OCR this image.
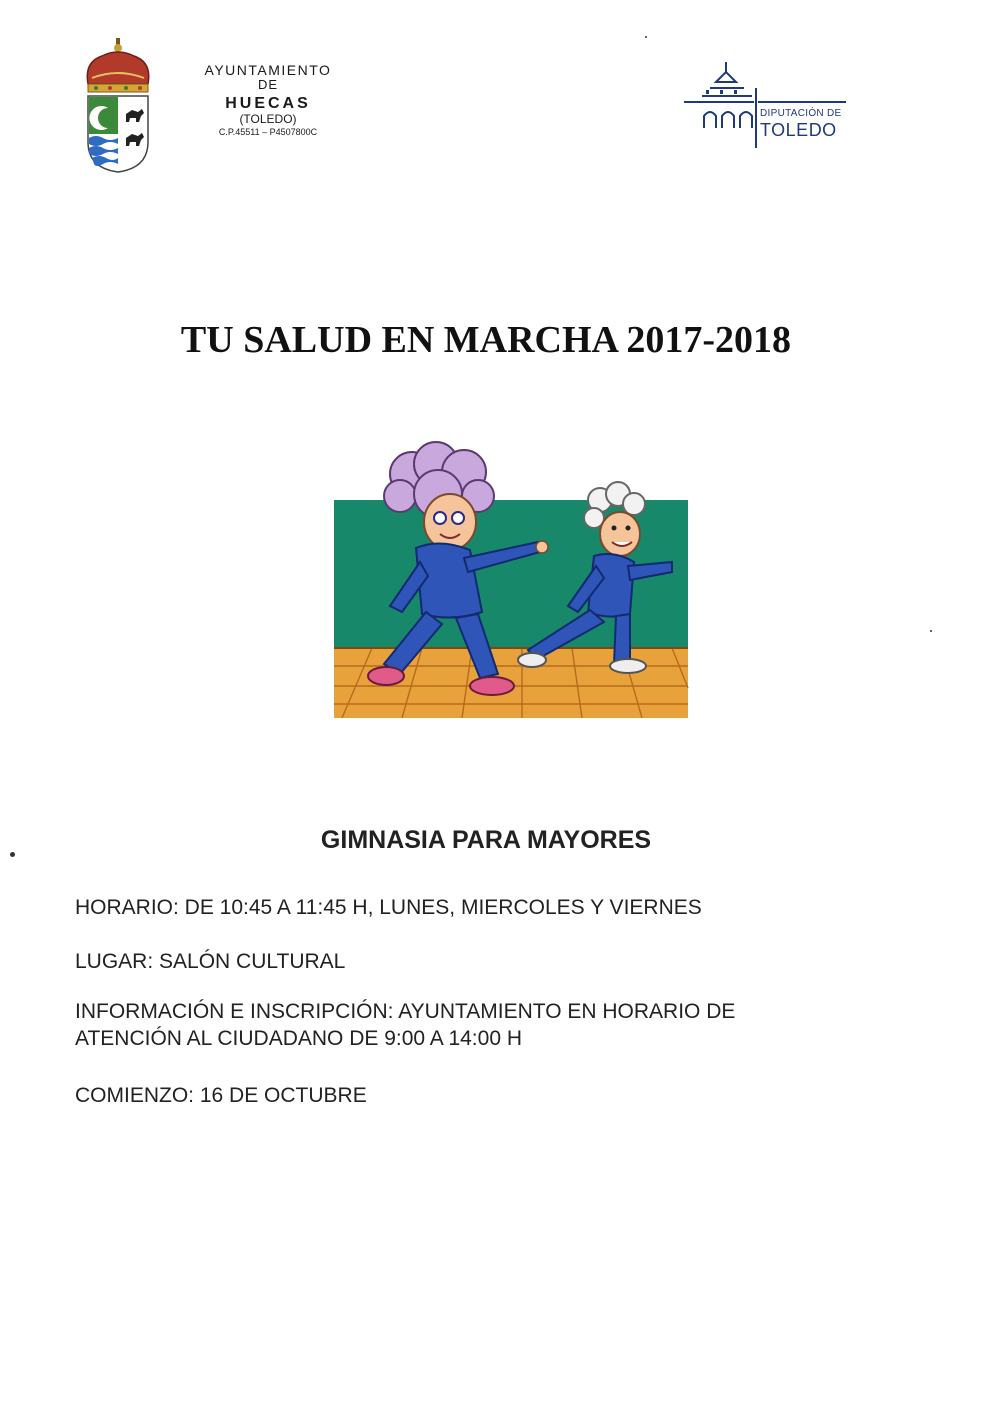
AYUNTAMIENTO
DE
HUECAS
(TOLEDO)
C.P.45511 – P4507800C
DIPUTACIÓN DE
TOLEDO
TU SALUD EN MARCHA 2017-2018
GIMNASIA PARA MAYORES
HORARIO: DE 10:45 A 11:45 H, LUNES, MIERCOLES Y VIERNES
LUGAR: SALÓN CULTURAL
INFORMACIÓN E INSCRIPCIÓN: AYUNTAMIENTO EN HORARIO DE
ATENCIÓN AL CIUDADANO DE 9:00 A 14:00 H
COMIENZO: 16 DE OCTUBRE
